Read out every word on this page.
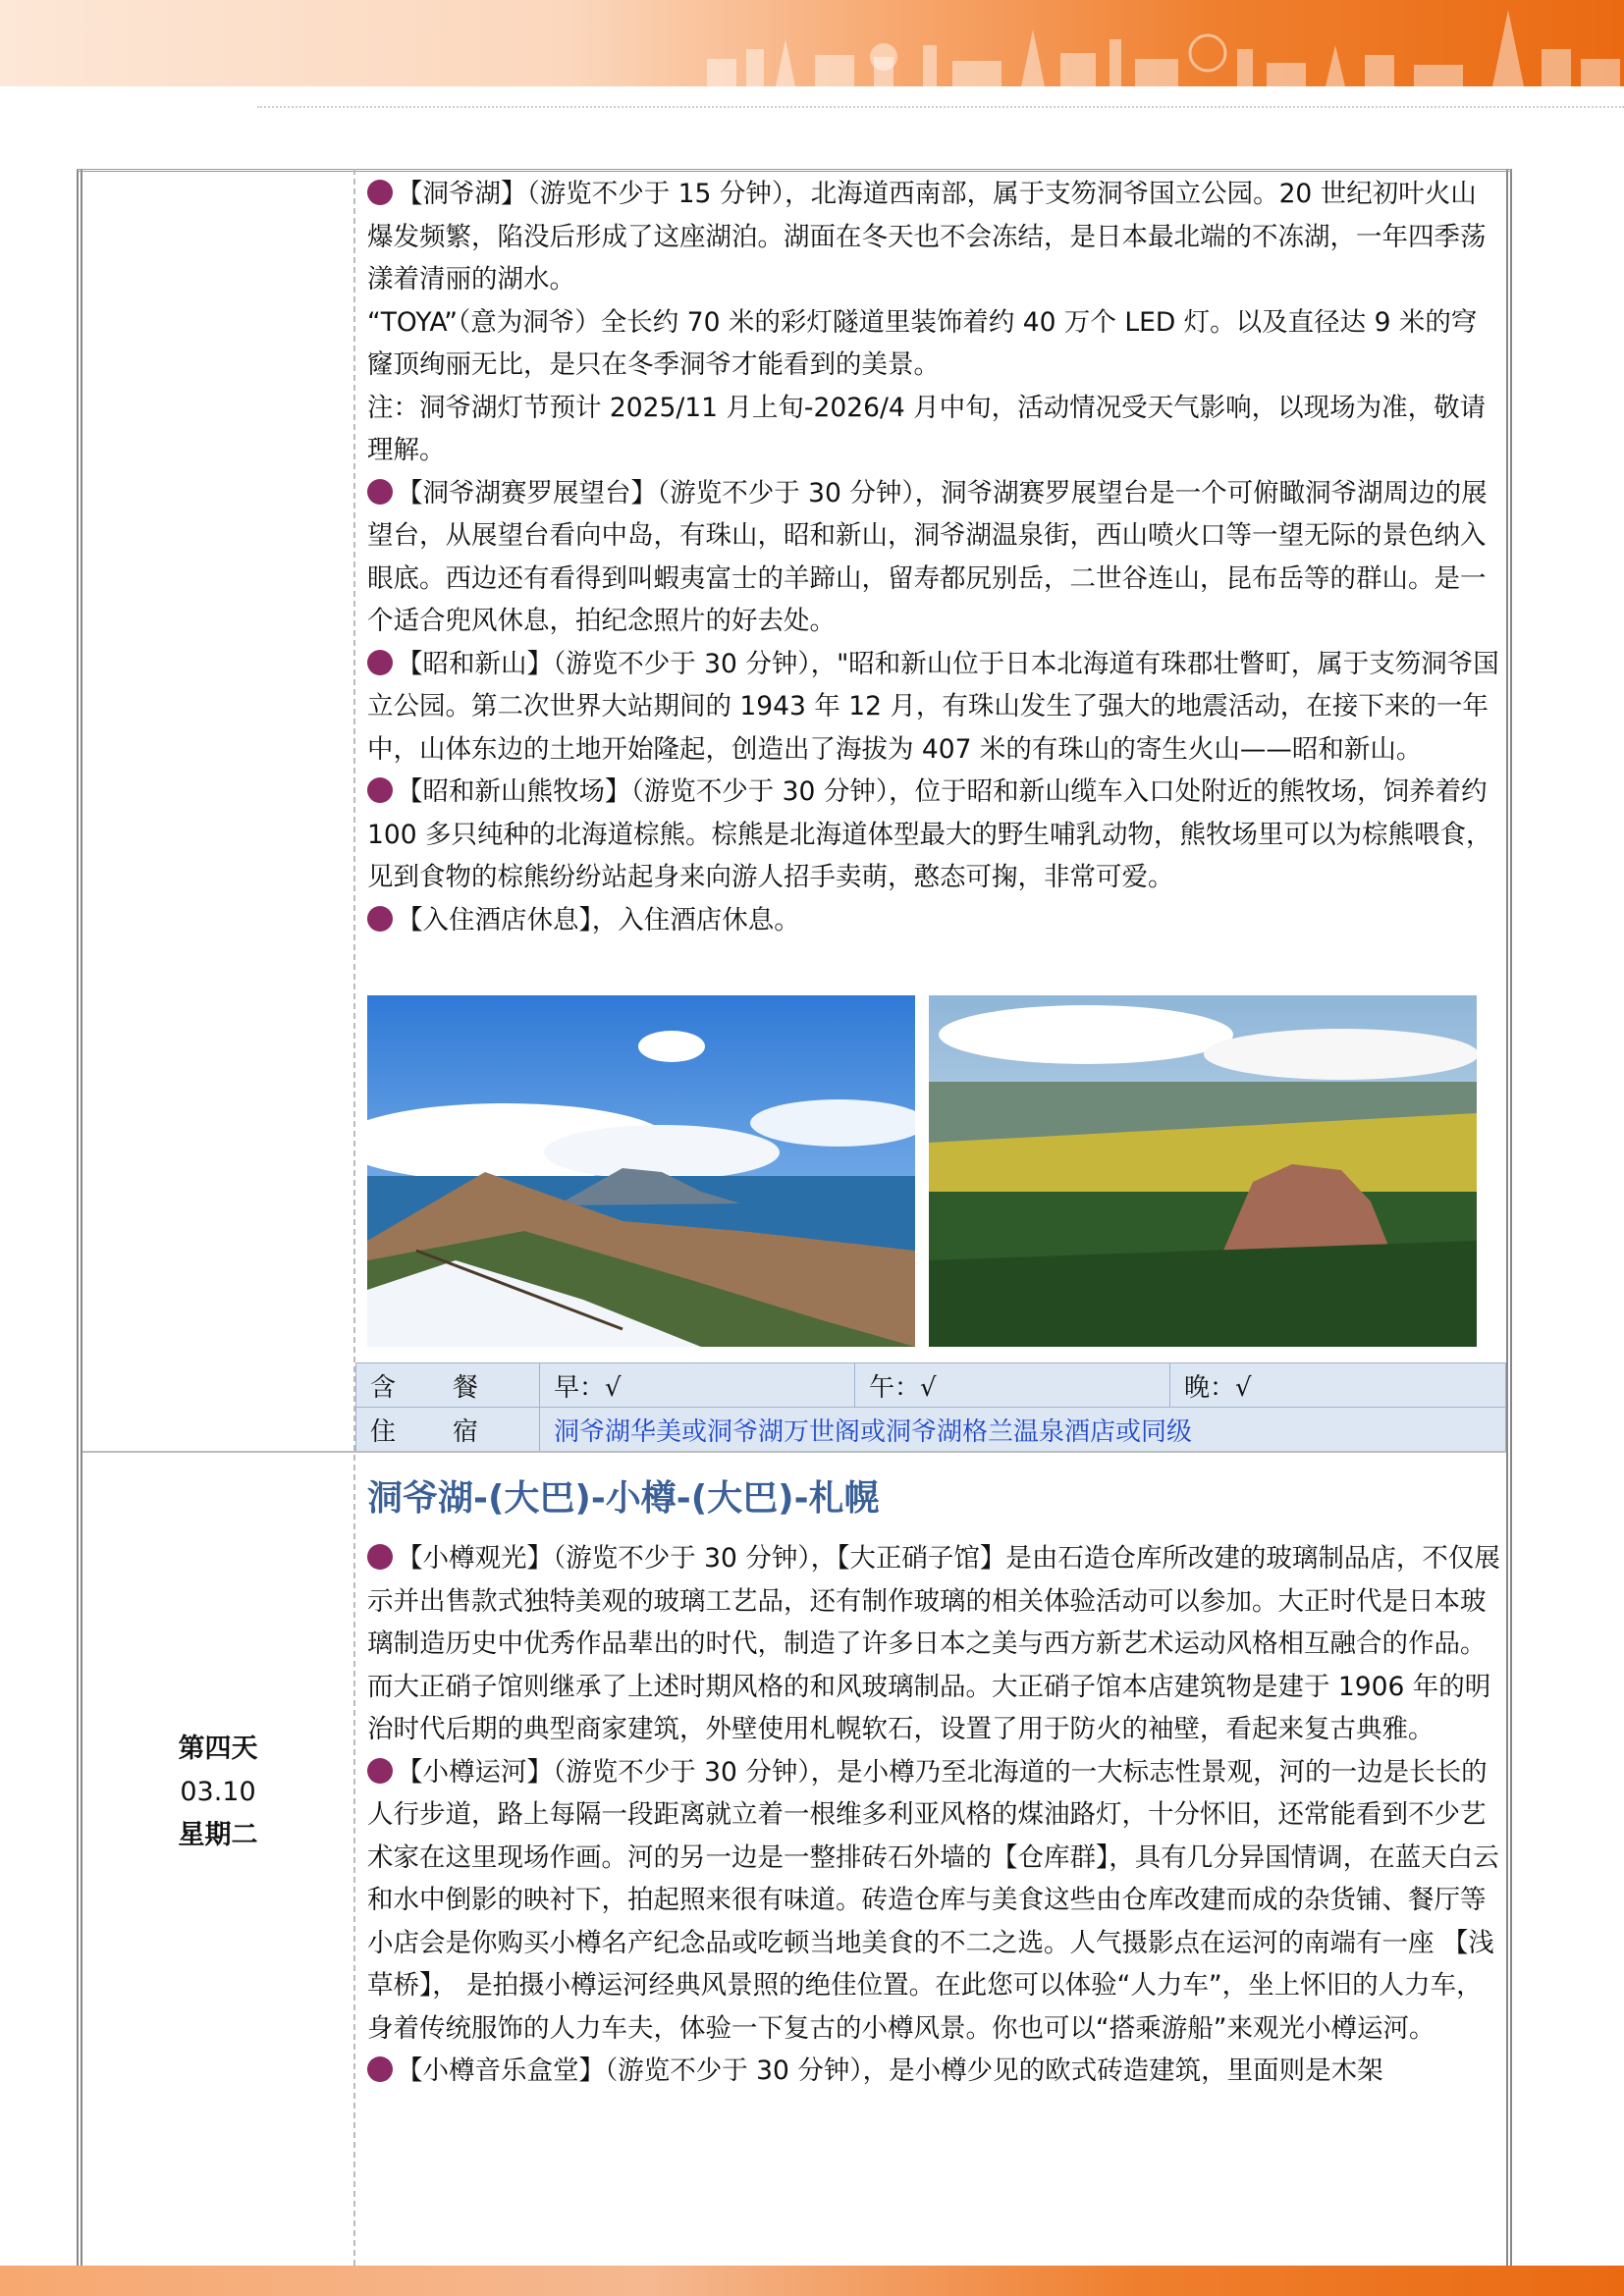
【洞爷湖】（游览不少于 15 分钟），北海道西南部，属于支笏洞爷国立公园。20 世纪初叶火山爆发频繁，陷没后形成了这座湖泊。湖面在冬天也不会冻结，是日本最北端的不冻湖，一年四季荡漾着清丽的湖水。

“TOYA”（意为洞爷）全长约 70 米的彩灯隧道里装饰着约 40 万个 LED 灯。以及直径达 9 米的穹窿顶绚丽无比，是只在冬季洞爷才能看到的美景。

注：洞爷湖灯节预计 2025/11 月上旬-2026/4 月中旬，活动情况受天气影响，以现场为准，敬请理解。

【洞爷湖赛罗展望台】（游览不少于 30 分钟），洞爷湖赛罗展望台是一个可俯瞰洞爷湖周边的展望台，从展望台看向中岛，有珠山，昭和新山，洞爷湖温泉街，西山喷火口等一望无际的景色纳入眼底。西边还有看得到叫蝦夷富士的羊蹄山，留寿都尻别岳，二世谷连山，昆布岳等的群山。是一个适合兜风休息，拍纪念照片的好去处。

【昭和新山】（游览不少于 30 分钟），"昭和新山位于日本北海道有珠郡壮瞥町，属于支笏洞爷国立公园。第二次世界大站期间的 1943 年 12 月，有珠山发生了强大的地震活动，在接下来的一年中，山体东边的土地开始隆起，创造出了海拔为 407 米的有珠山的寄生火山——昭和新山。

【昭和新山熊牧场】（游览不少于 30 分钟），位于昭和新山缆车入口处附近的熊牧场，饲养着约 100 多只纯种的北海道棕熊。棕熊是北海道体型最大的野生哺乳动物，熊牧场里可以为棕熊喂食，见到食物的棕熊纷纷站起身来向游人招手卖萌，憨态可掬，非常可爱。

【入住酒店休息】，入住酒店休息。

含　餐	早：√	午：√	晚：√
住　宿	洞爷湖华美或洞爷湖万世阁或洞爷湖格兰温泉酒店或同级		
第四天
03.10
星期二
洞爷湖-(大巴)-小樽-(大巴)-札幌

【小樽观光】（游览不少于 30 分钟），【大正硝子馆】是由石造仓库所改建的玻璃制品店，不仅展示并出售款式独特美观的玻璃工艺品，还有制作玻璃的相关体验活动可以参加。大正时代是日本玻璃制造历史中优秀作品辈出的时代，制造了许多日本之美与西方新艺术运动风格相互融合的作品。而大正硝子馆则继承了上述时期风格的和风玻璃制品。大正硝子馆本店建筑物是建于 1906 年的明治时代后期的典型商家建筑，外壁使用札幌软石，设置了用于防火的袖壁，看起来复古典雅。

【小樽运河】（游览不少于 30 分钟），是小樽乃至北海道的一大标志性景观，河的一边是长长的人行步道，路上每隔一段距离就立着一根维多利亚风格的煤油路灯，十分怀旧，还常能看到不少艺术家在这里现场作画。河的另一边是一整排砖石外墙的【仓库群】，具有几分异国情调，在蓝天白云和水中倒影的映衬下，拍起照来很有味道。砖造仓库与美食这些由仓库改建而成的杂货铺、餐厅等小店会是你购买小樽名产纪念品或吃顿当地美食的不二之选。人气摄影点在运河的南端有一座 【浅草桥】， 是拍摄小樽运河经典风景照的绝佳位置。在此您可以体验“人力车”，坐上怀旧的人力车，身着传统服饰的人力车夫，体验一下复古的小樽风景。你也可以“搭乘游船”来观光小樽运河。

【小樽音乐盒堂】（游览不少于 30 分钟），是小樽少见的欧式砖造建筑，里面则是木架
